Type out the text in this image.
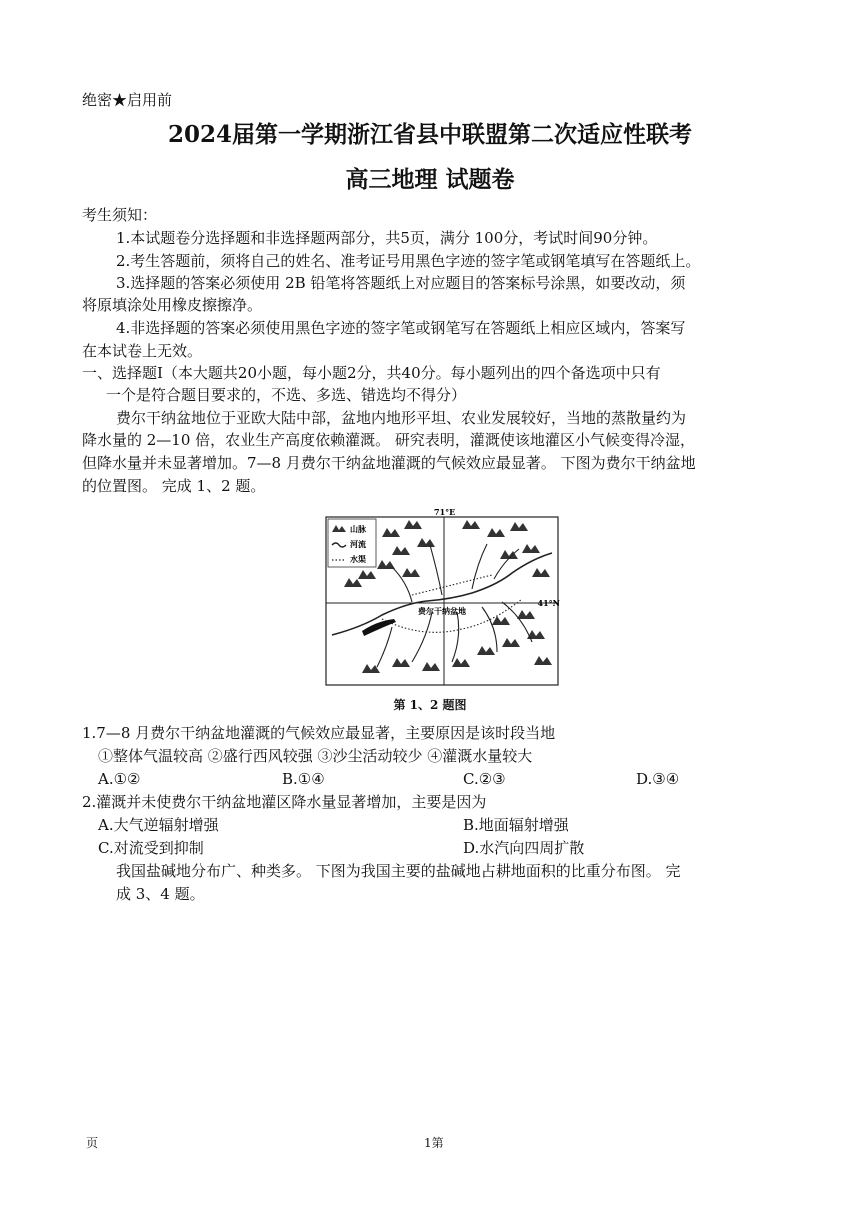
绝密★启用前
2024届第一学期浙江省县中联盟第二次适应性联考
高三地理 试题卷
考生须知：
1.本试题卷分选择题和非选择题两部分，共5页，满分 100分，考试时间90分钟。
2.考生答题前，须将自己的姓名、准考证号用黑色字迹的签字笔或钢笔填写在答题纸上。
3.选择题的答案必须使用 2B 铅笔将答题纸上对应题目的答案标号涂黑，如要改动，须
将原填涂处用橡皮擦擦净。
4.非选择题的答案必须使用黑色字迹的签字笔或钢笔写在答题纸上相应区域内，答案写
在本试卷上无效。
一、选择题Ⅰ（本大题共20小题，每小题2分，共40分。每小题列出的四个备选项中只有
一个是符合题目要求的，不选、多选、错选均不得分）
费尔干纳盆地位于亚欧大陆中部，盆地内地形平坦、农业发展较好，当地的蒸散量约为
降水量的 2—10 倍，农业生产高度依赖灌溉。 研究表明，灌溉使该地灌区小气候变得冷湿，
但降水量并未显著增加。7—8 月费尔干纳盆地灌溉的气候效应最显著。 下图为费尔干纳盆地
的位置图。 完成 1、2 题。
山脉
河流
水渠
71°E
41°N
费尔干纳盆地
第 1、2 题图
1.7—8 月费尔干纳盆地灌溉的气候效应最显著，主要原因是该时段当地
①整体气温较高 ②盛行西风较强 ③沙尘活动较少 ④灌溉水量较大
A.①②	B.①④	C.②③	D.③④
2.灌溉并未使费尔干纳盆地灌区降水量显著增加，主要是因为
A.大气逆辐射增强	B.地面辐射增强
C.对流受到抑制	D.水汽向四周扩散
我国盐碱地分布广、种类多。 下图为我国主要的盐碱地占耕地面积的比重分布图。 完
成 3、4 题。
页	1第
